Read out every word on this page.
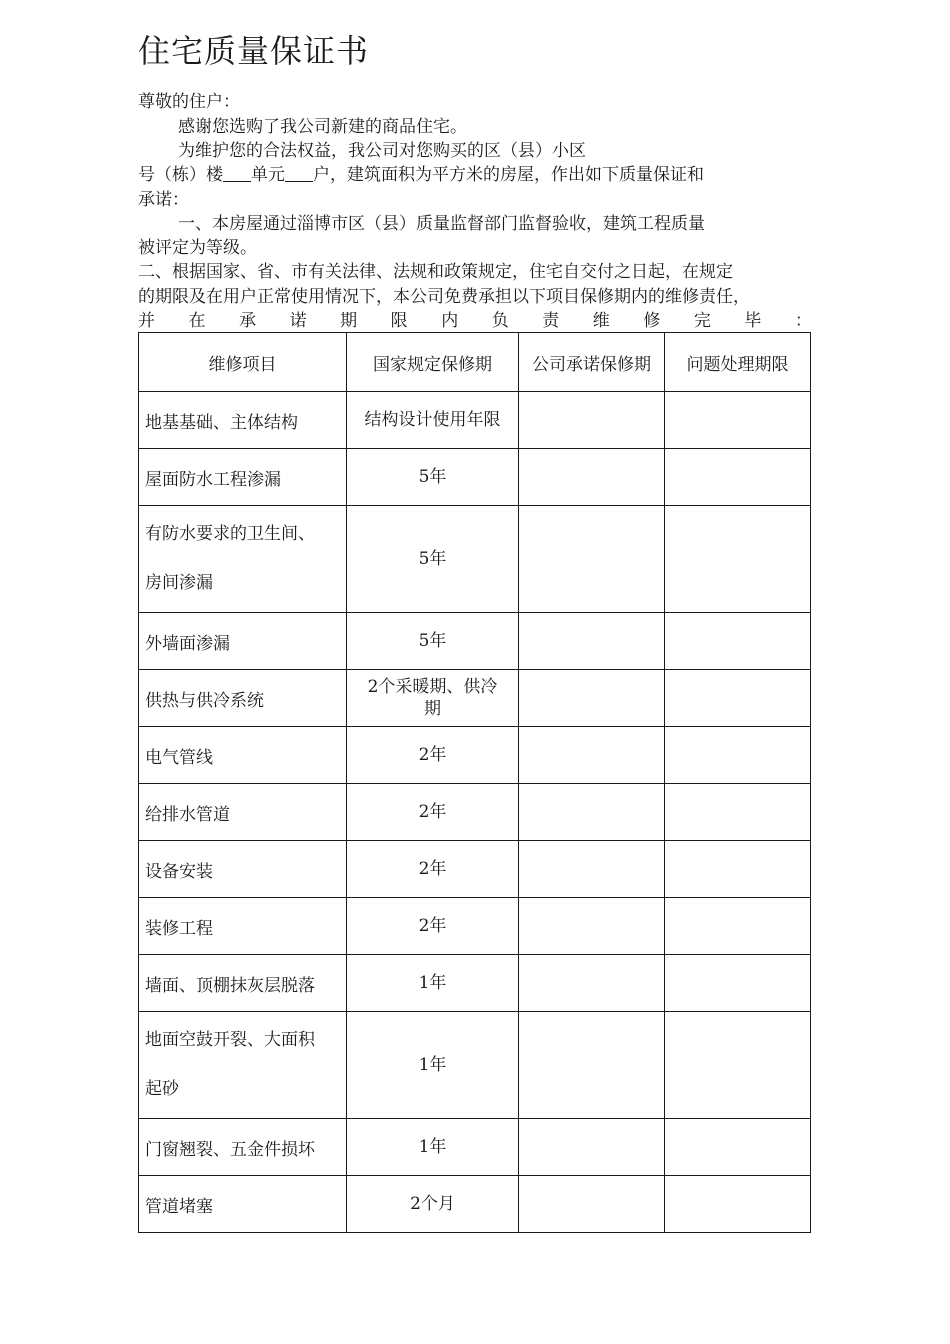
住宅质量保证书
尊敬的住户：
感谢您选购了我公司新建的商品住宅。
为维护您的合法权益，我公司对您购买的区（县）小区
号（栋）楼 单元 户，建筑面积为平方米的房屋，作出如下质量保证和
承诺：
一、本房屋通过淄博市区（县）质量监督部门监督验收，建筑工程质量
被评定为等级。
二、根据国家、省、市有关法律、法规和政策规定，住宅自交付之日起，在规定
的期限及在用户正常使用情况下，本公司免费承担以下项目保修期内的维修责任，
并 在 承 诺 期 限 内 负 责 维 修 完 毕 ：
维修项目	国家规定保修期	公司承诺保修期	问题处理期限

地基基础、主体结构	结构设计使用年限		

屋面防水工程渗漏	5年		

有防水要求的卫生间、
房间渗漏	5年		

外墙面渗漏	5年		

供热与供冷系统	2个采暖期、供冷
期		

电气管线	2年		

给排水管道	2年		

设备安装	2年		

装修工程	2年		

墙面、顶棚抹灰层脱落	1年		

地面空鼓开裂、大面积
起砂	1年		

门窗翘裂、五金件损坏	1年		

管道堵塞	2个月		
